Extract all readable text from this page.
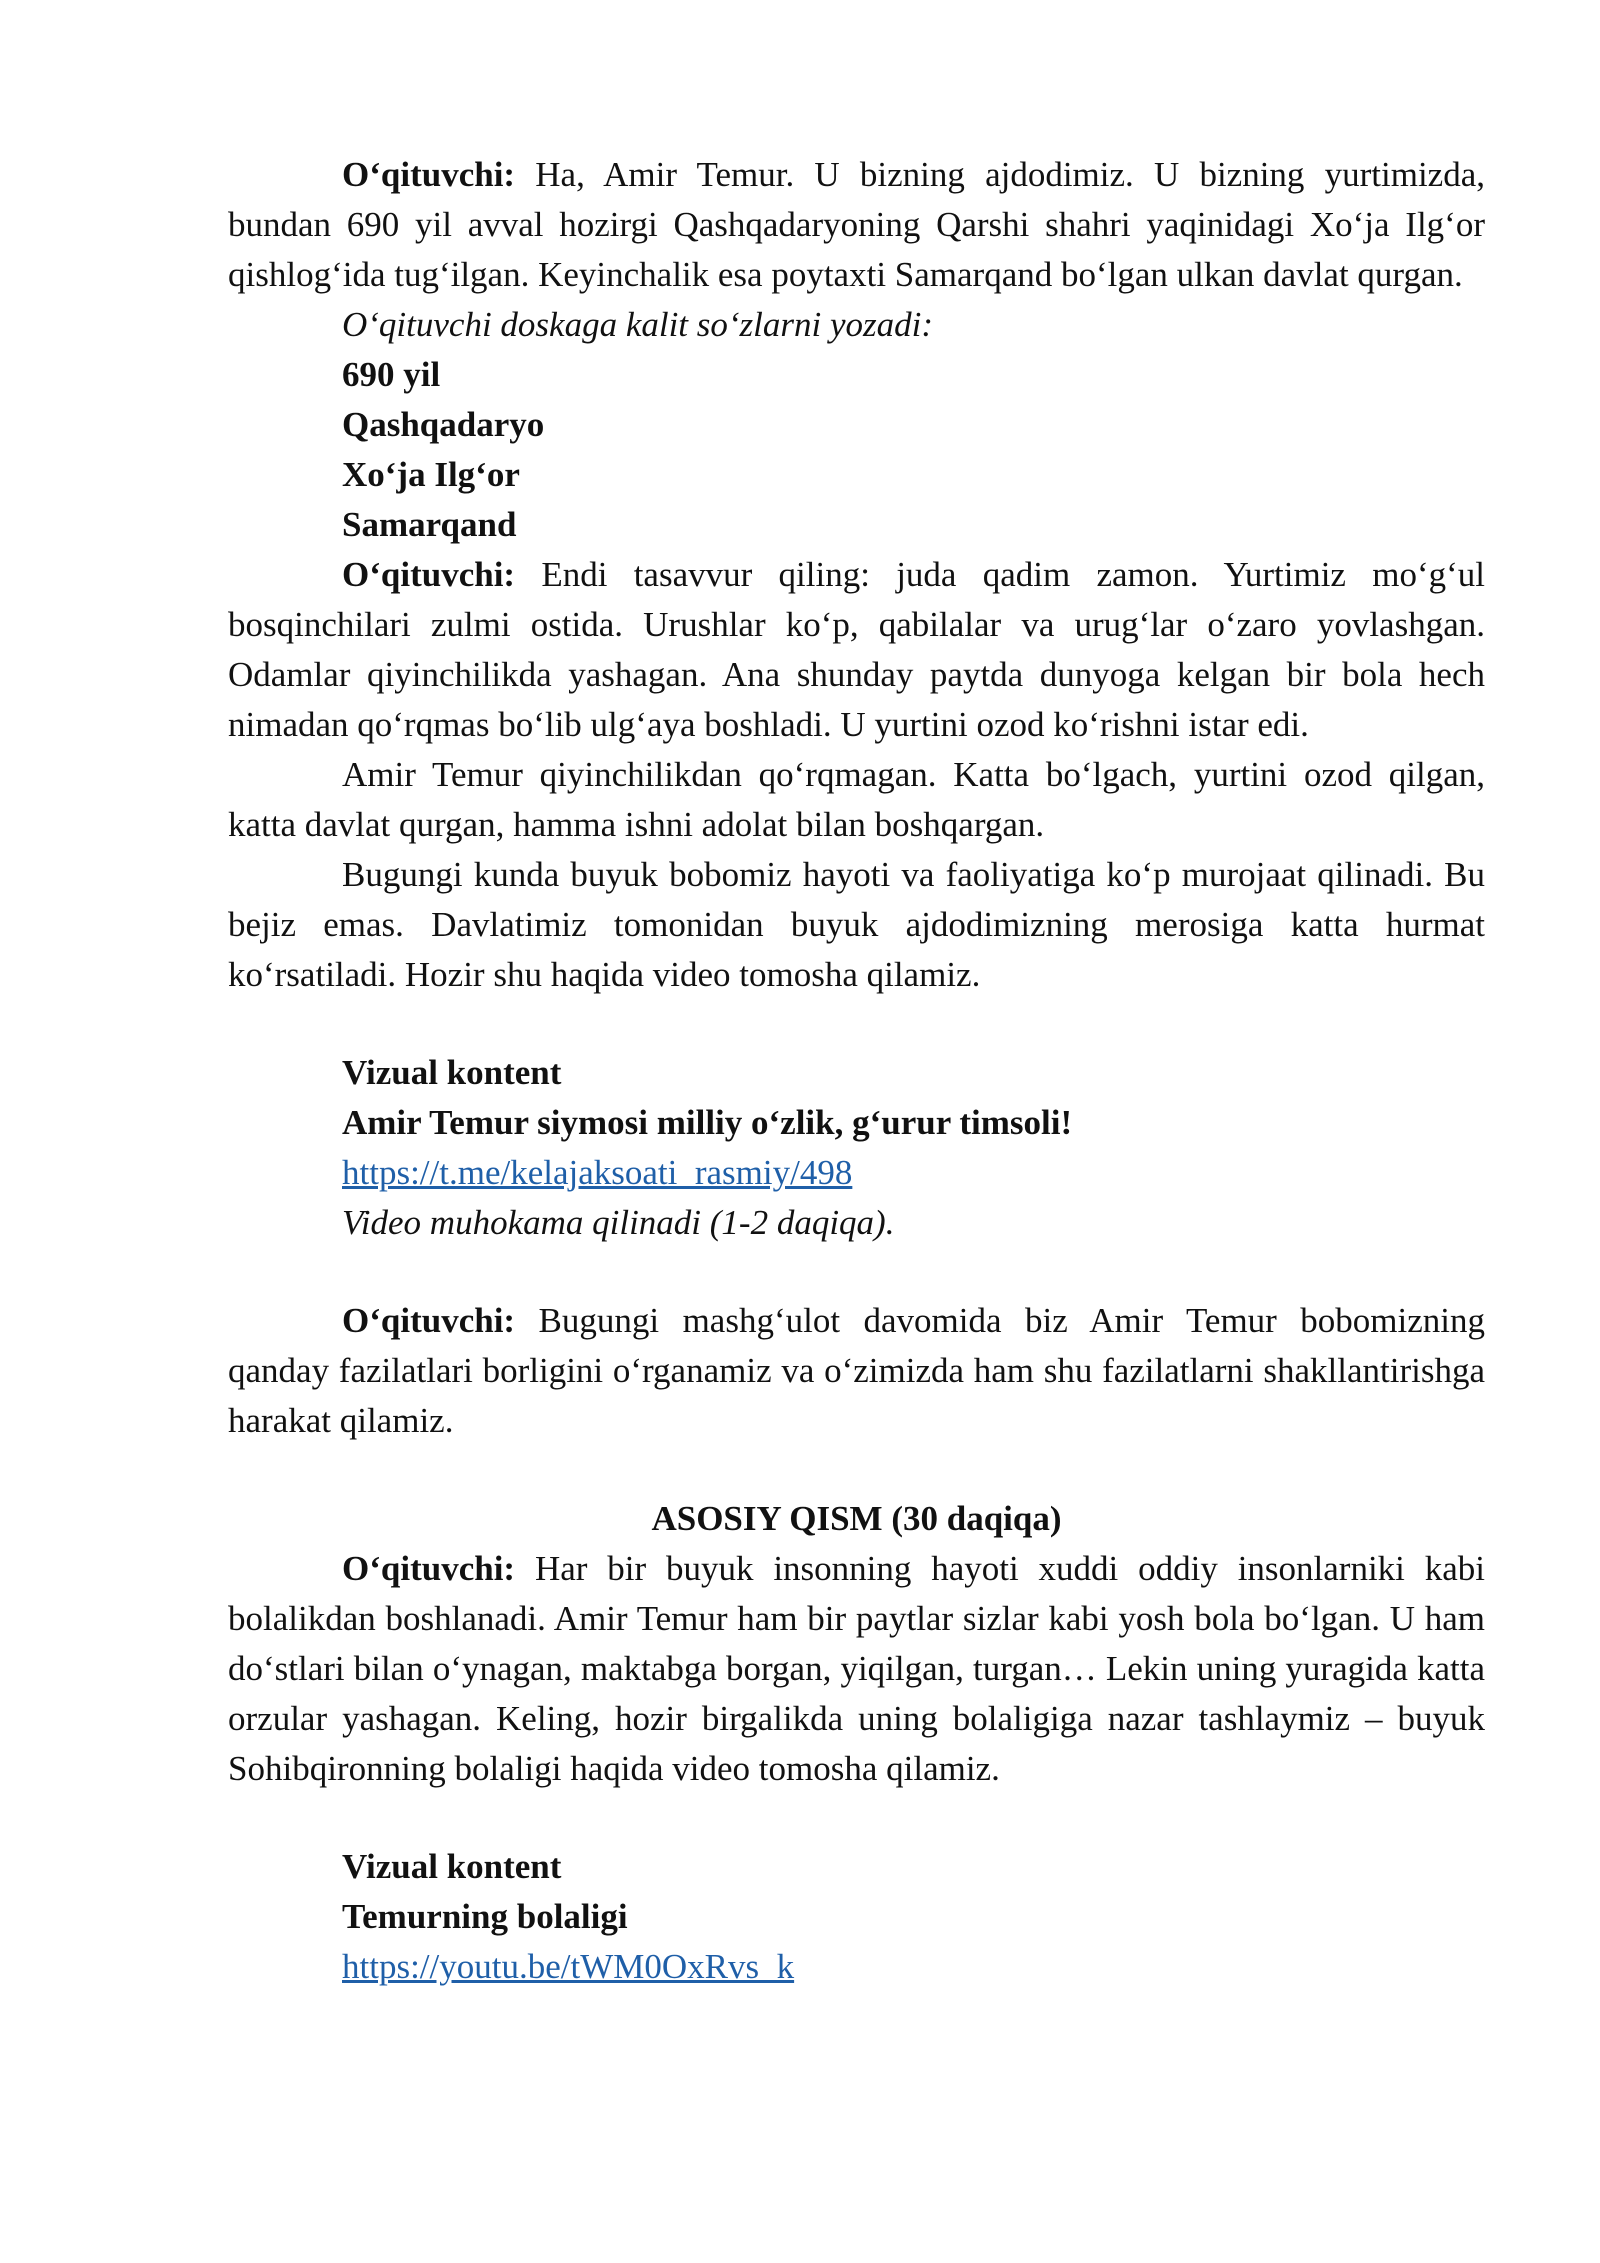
O‘qituvchi: Ha, Amir Temur. U bizning ajdodimiz. U bizning yurtimizda, bundan 690 yil avval hozirgi Qashqadaryoning Qarshi shahri yaqinidagi Xo‘ja Ilg‘or qishlog‘ida tug‘ilgan. Keyinchalik esa poytaxti Samarqand bo‘lgan ulkan davlat qurgan.

O‘qituvchi doskaga kalit so‘zlarni yozadi:

690 yil

Qashqadaryo

Xo‘ja Ilg‘or

Samarqand

O‘qituvchi: Endi tasavvur qiling: juda qadim zamon. Yurtimiz mo‘g‘ul bosqinchilari zulmi ostida. Urushlar ko‘p, qabilalar va urug‘lar o‘zaro yovlashgan. Odamlar qiyinchilikda yashagan. Ana shunday paytda dunyoga kelgan bir bola hech nimadan qo‘rqmas bo‘lib ulg‘aya boshladi. U yurtini ozod ko‘rishni istar edi.

Amir Temur qiyinchilikdan qo‘rqmagan. Katta bo‘lgach, yurtini ozod qilgan, katta davlat qurgan, hamma ishni adolat bilan boshqargan.

Bugungi kunda buyuk bobomiz hayoti va faoliyatiga ko‘p murojaat qilinadi. Bu bejiz emas. Davlatimiz tomonidan buyuk ajdodimizning merosiga katta hurmat ko‘rsatiladi. Hozir shu haqida video tomosha qilamiz.

Vizual kontent

Amir Temur siymosi milliy o‘zlik, g‘urur timsoli!

https://t.me/kelajaksoati_rasmiy/498

Video muhokama qilinadi (1-2 daqiqa).

O‘qituvchi: Bugungi mashg‘ulot davomida biz Amir Temur bobomizning qanday fazilatlari borligini o‘rganamiz va o‘zimizda ham shu fazilatlarni shakllantirishga harakat qilamiz.

ASOSIY QISM (30 daqiqa)

O‘qituvchi: Har bir buyuk insonning hayoti xuddi oddiy insonlarniki kabi bolalikdan boshlanadi. Amir Temur ham bir paytlar sizlar kabi yosh bola bo‘lgan. U ham do‘stlari bilan o‘ynagan, maktabga borgan, yiqilgan, turgan… Lekin uning yuragida katta orzular yashagan. Keling, hozir birgalikda uning bolaligiga nazar tashlaymiz – buyuk Sohibqironning bolaligi haqida video tomosha qilamiz.

Vizual kontent

Temurning bolaligi

https://youtu.be/tWM0OxRvs_k
